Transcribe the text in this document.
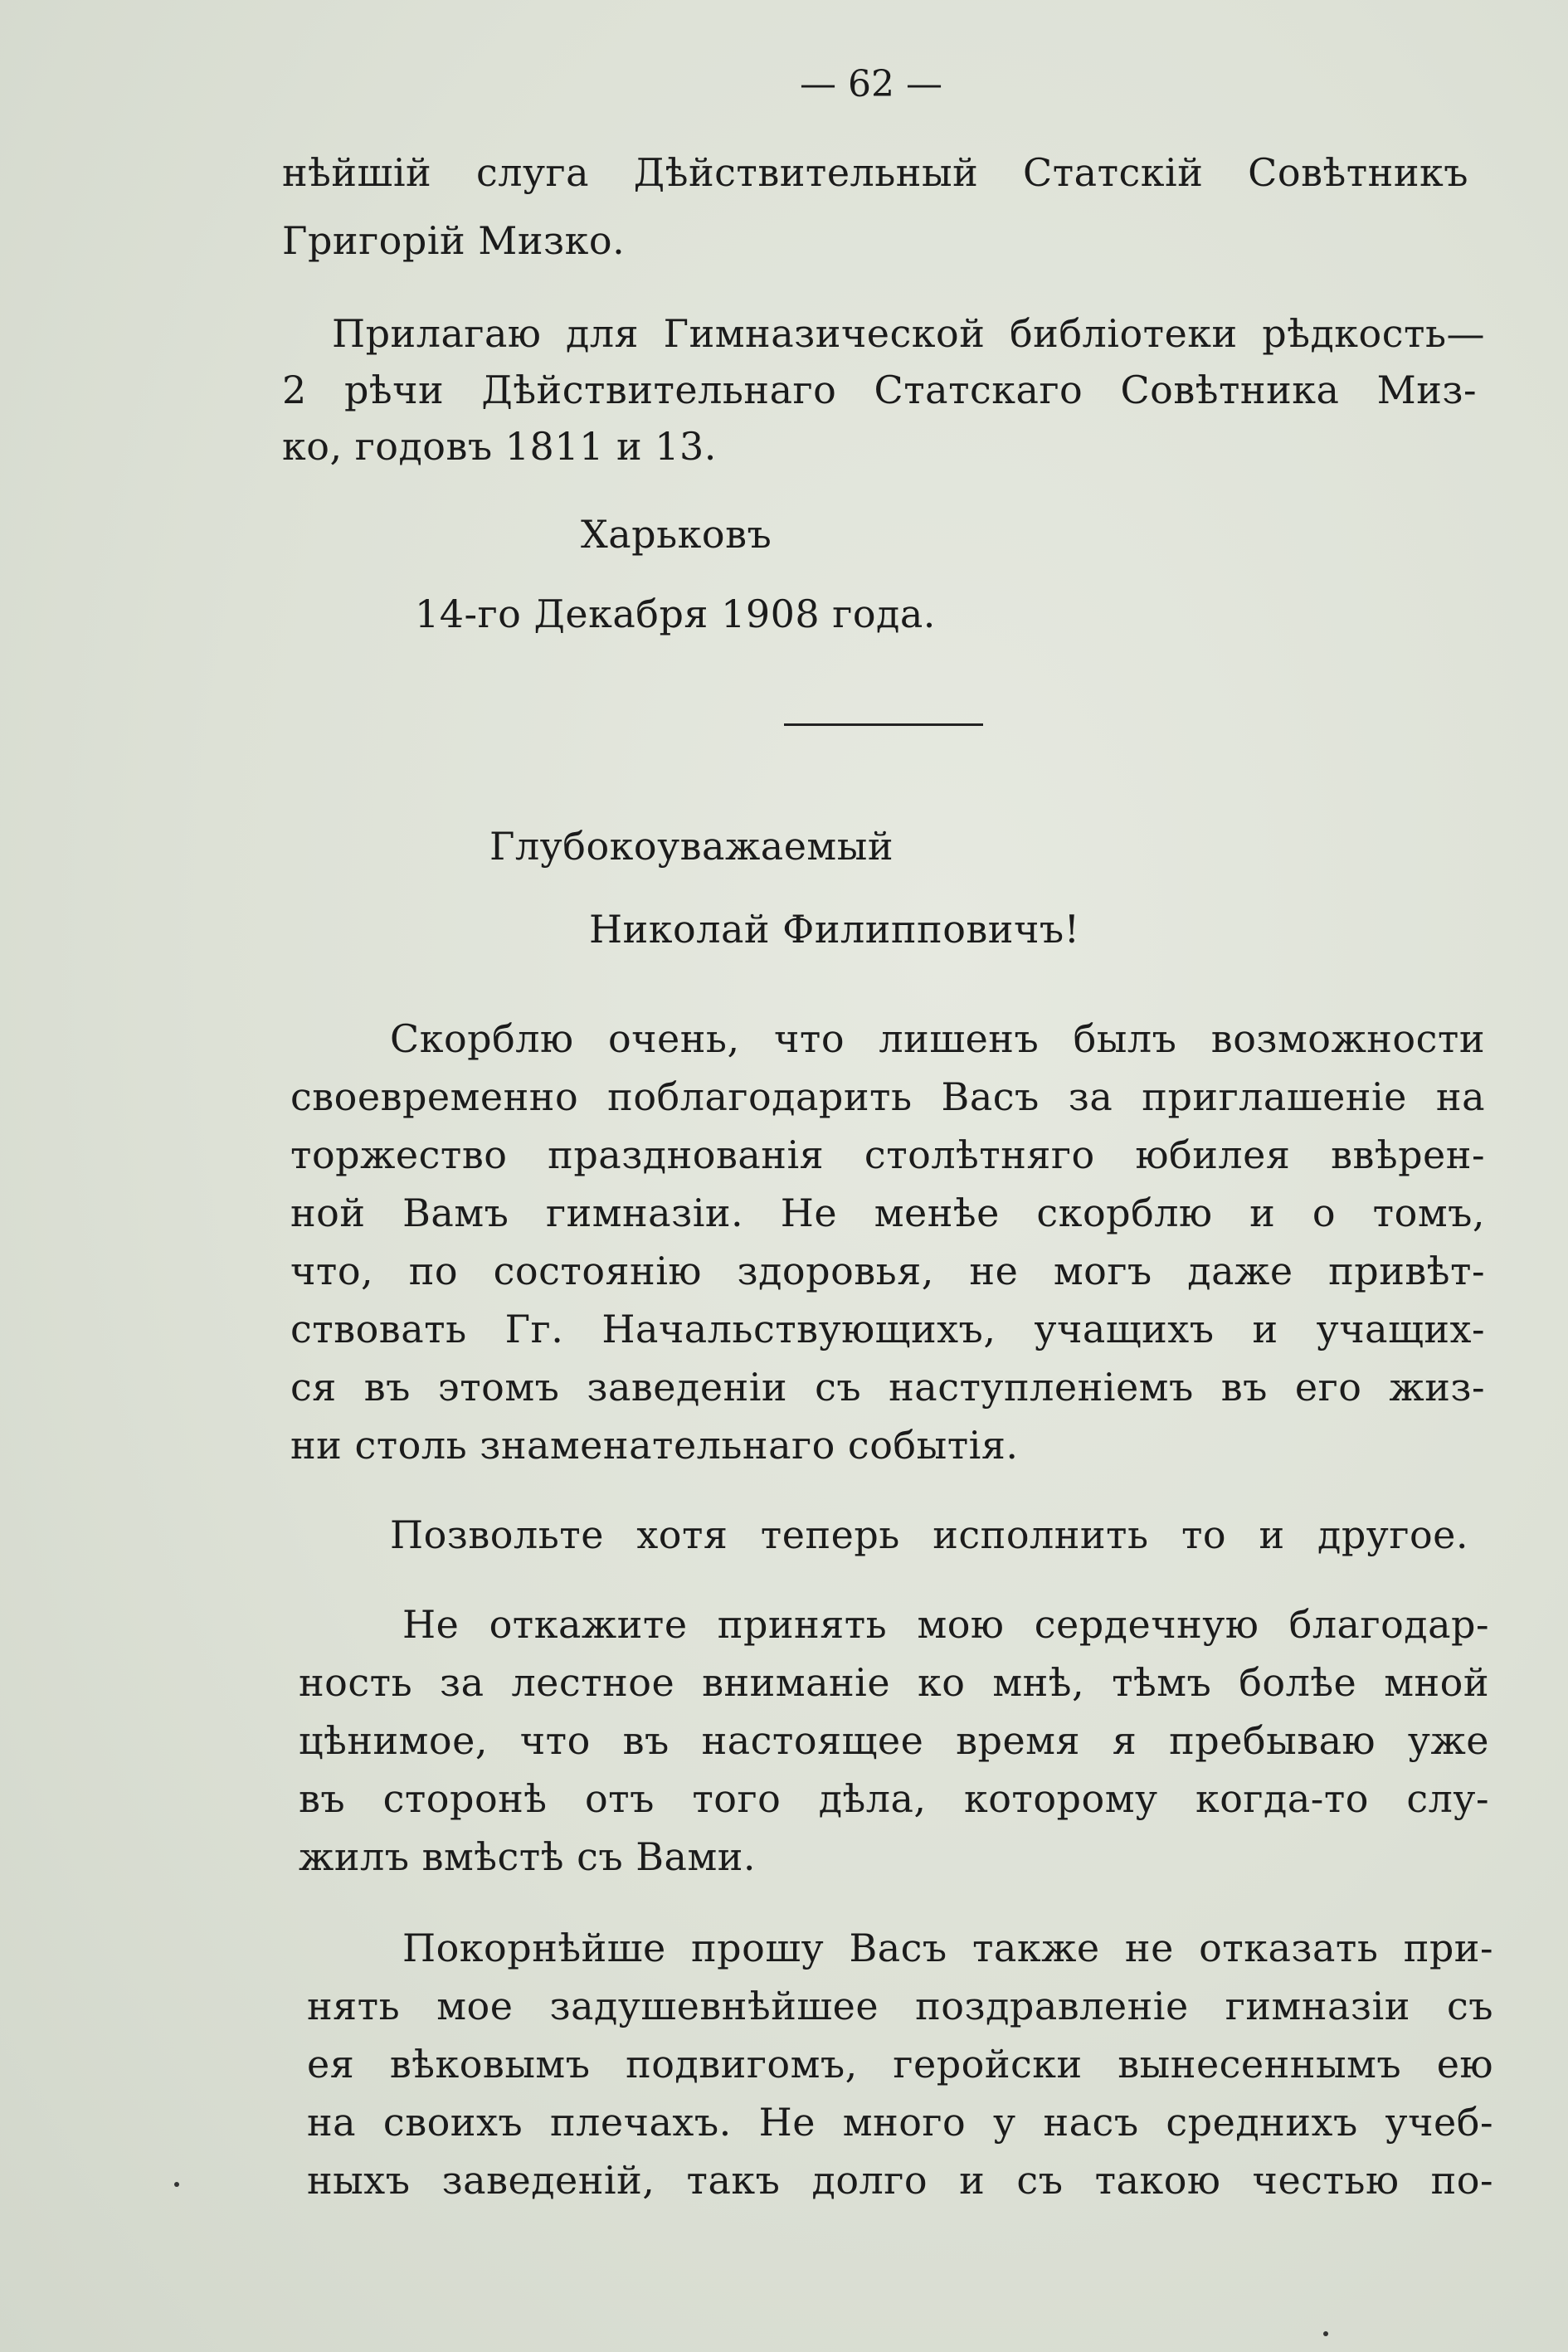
— 62 —
нѣйшій слуга Дѣйствительный Статскій Совѣтникъ
Григорій Мизко.
Прилагаю для Гимназической библіотеки рѣдкость—
2 рѣчи Дѣйствительнаго Статскаго Совѣтника Миз-
ко, годовъ 1811 и 13.
Харьковъ
14-го Декабря 1908 года.
Глубокоуважаемый
Николай Филипповичъ!
Скорблю очень, что лишенъ былъ возможности
своевременно поблагодарить Васъ за приглашеніе на
торжество празднованія столѣтняго юбилея ввѣрен-
ной Вамъ гимназіи. Не менѣе скорблю и о томъ,
что, по состоянію здоровья, не могъ даже привѣт-
ствовать Гг. Начальствующихъ, учащихъ и учащих-
ся въ этомъ заведеніи съ наступленіемъ въ его жиз-
ни столь знаменательнаго событія.
Позвольте хотя теперь исполнить то и другое.
Не откажите принять мою сердечную благодар-
ность за лестное вниманіе ко мнѣ, тѣмъ болѣе мной
цѣнимое, что въ настоящее время я пребываю уже
въ сторонѣ отъ того дѣла, которому когда-то слу-
жилъ вмѣстѣ съ Вами.
Покорнѣйше прошу Васъ также не отказать при-
нять мое задушевнѣйшее поздравленіе гимназіи съ
ея вѣковымъ подвигомъ, геройски вынесеннымъ ею
на своихъ плечахъ. Не много у насъ среднихъ учеб-
ныхъ заведеній, такъ долго и съ такою честью по-
